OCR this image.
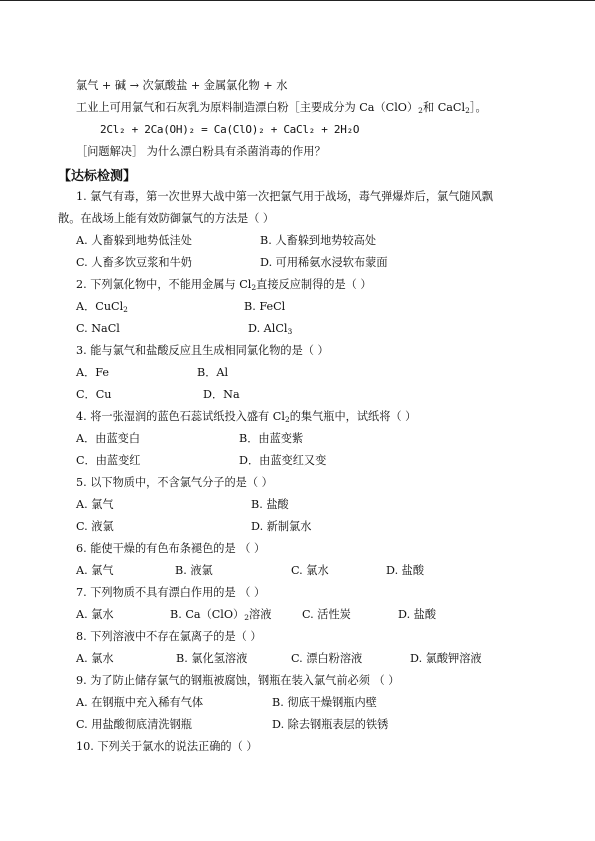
氯气 + 碱 → 次氯酸盐 + 金属氯化物 + 水
工业上可用氯气和石灰乳为原料制造漂白粉［主要成分为 $Ca(ClO)_2$和 CaCl$_2$］。
2Cl₂ + 2Ca(OH)₂ = Ca(ClO)₂ + CaCl₂ + 2H₂O
［问题解决］ 为什么漂白粉具有杀菌消毒的作用？
【达标检测】
1. 氯气有毒，第一次世界大战中第一次把氯气用于战场，毒气弹爆炸后，氯气随风飘
散。在战场上能有效防御氯气的方法是（ ）
A. 人畜躲到地势低洼处	B. 人畜躲到地势较高处
C. 人畜多饮豆浆和牛奶	D. 可用稀氨水浸软布蒙面
2. 下列氯化物中，不能用金属与 $Cl_2$直接反应制得的是（ ）
A．CuCl$_2$	B. FeCl
C. NaCl	D. AlCl$_3$
3. 能与氯气和盐酸反应且生成相同氯化物的是（ ）
A．Fe	B．Al
C．Cu	D．Na
4. 将一张湿润的蓝色石蕊试纸投入盛有 $Cl_2$的集气瓶中，试纸将（ ）
A．由蓝变白	B．由蓝变紫
C．由蓝变红	D．由蓝变红又变
5. 以下物质中，不含氯气分子的是（ ）
A. 氯气	B. 盐酸
C. 液氯	D. 新制氯水
6. 能使干燥的有色布条褪色的是 （ ）
A. 氯气	B. 液氯	C. 氯水	D. 盐酸
7. 下列物质不具有漂白作用的是 （ ）
A. 氯水	B. $Ca(ClO)_2$溶液	C. 活性炭	D. 盐酸
8. 下列溶液中不存在氯离子的是（ ）
A. 氯水	B. 氯化氢溶液	C. 漂白粉溶液	D. 氯酸钾溶液
9. 为了防止储存氯气的钢瓶被腐蚀，钢瓶在装入氯气前必须 （ ）
A. 在钢瓶中充入稀有气体	B. 彻底干燥钢瓶内壁
C. 用盐酸彻底清洗钢瓶	D. 除去钢瓶表层的铁锈
10. 下列关于氯水的说法正确的（ ）
